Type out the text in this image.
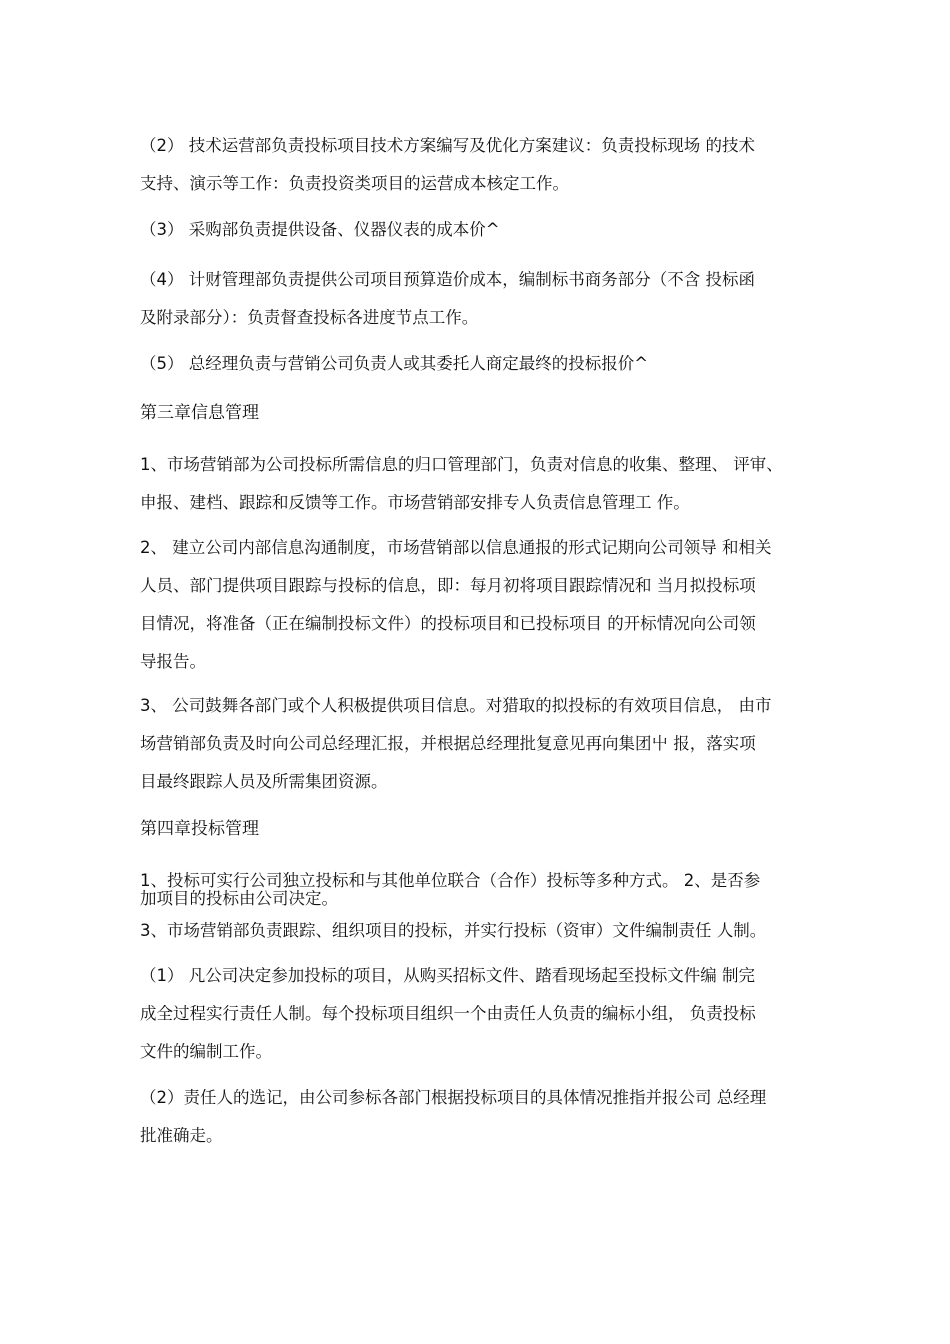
（2） 技术运营部负责投标项目技术方案编写及优化方案建议：负责投标现场 的技术
支持、演示等工作：负责投资类项目的运营成本核定工作。
（3） 采购部负责提供设备、仪器仪表的成本价^
（4） 计财管理部负责提供公司项目预算造价成本，编制标书商务部分（不含 投标函
及附录部分）：负责督查投标各进度节点工作。
（5） 总经理负责与营销公司负责人或其委托人商定最终的投标报价^
第三章信息管理
1、市场营销部为公司投标所需信息的归口管理部门，负责对信息的收集、整理、 评审、
申报、建档、跟踪和反馈等工作。市场营销部安排专人负责信息管理工 作。
2、 建立公司内部信息沟通制度，市场营销部以信息通报的形式记期向公司领导 和相关
人员、部门提供项目跟踪与投标的信息，即：每月初将项目跟踪情况和 当月拟投标项
目情况，将准备（正在编制投标文件）的投标项目和已投标项目 的开标情况向公司领
导报告。
3、 公司鼓舞各部门或个人积极提供项目信息。对猎取的拟投标的有效项目信息， 由市
场营销部负责及时向公司总经理汇报，并根据总经理批复意见再向集团屮 报，落实项
目最终跟踪人员及所需集团资源。
第四章投标管理
1、投标可实行公司独立投标和与其他单位联合（合作）投标等多种方式。 2、是否参
加项目的投标由公司决定。
3、市场营销部负责跟踪、组织项目的投标，并实行投标（资审）文件编制责任 人制。
（1） 凡公司决定参加投标的项目，从购买招标文件、踏看现场起至投标文件编 制完
成全过程实行责任人制。每个投标项目组织一个由责任人负责的编标小组， 负责投标
文件的编制工作。
（2）责任人的选记，由公司参标各部门根据投标项目的具体情况推指并报公司 总经理
批准确走。
